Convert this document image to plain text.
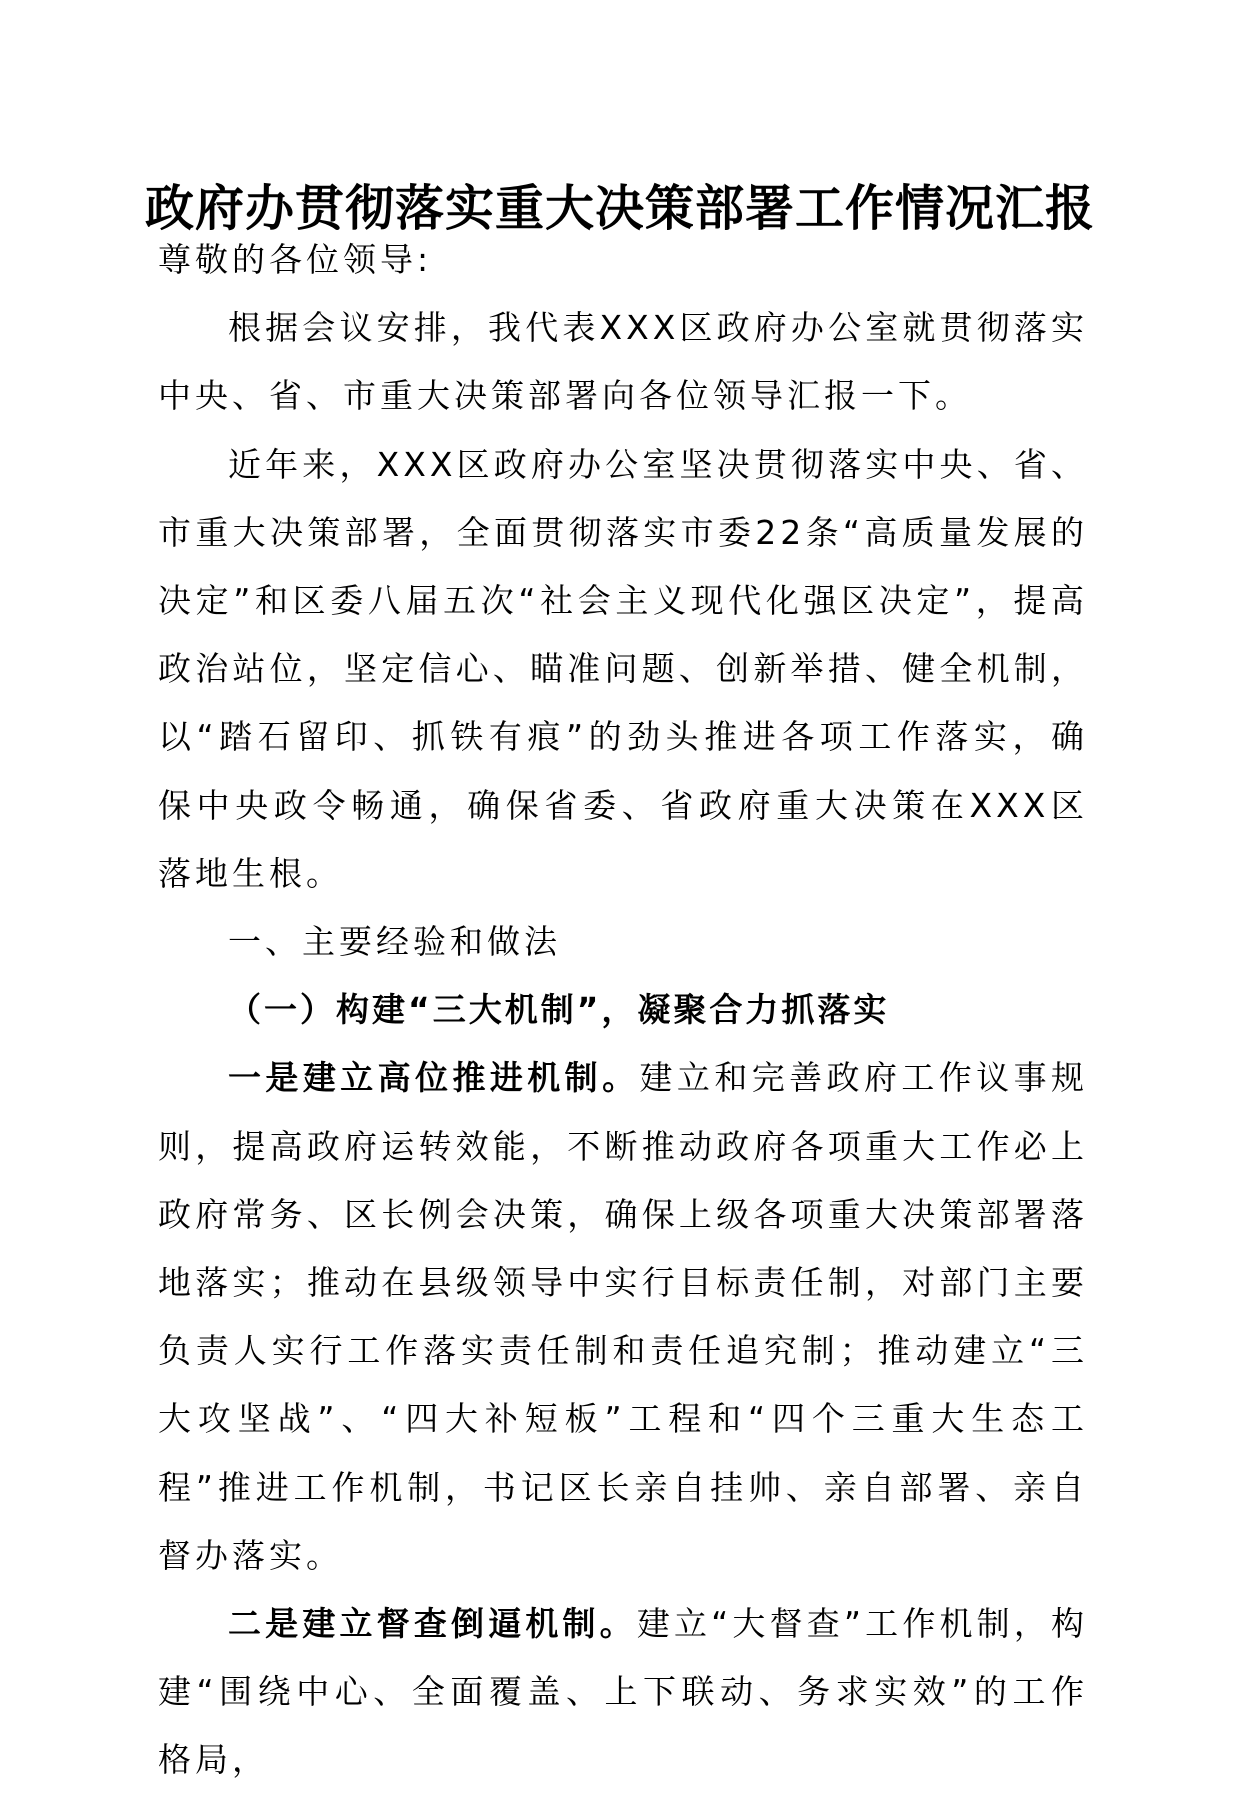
政府办贯彻落实重大决策部署工作情况汇报

尊敬的各位领导:

根据会议安排，我代表XXX区政府办公室就贯彻落实中央、省、市重大决策部署向各位领导汇报一下。

近年来，XXX区政府办公室坚决贯彻落实中央、省、市重大决策部署，全面贯彻落实市委22条“高质量发展的决定”和区委八届五次“社会主义现代化强区决定”，提高政治站位，坚定信心、瞄准问题、创新举措、健全机制，以“踏石留印、抓铁有痕”的劲头推进各项工作落实，确保中央政令畅通，确保省委、省政府重大决策在XXX区落地生根。

一、主要经验和做法

（一）构建“三大机制”，凝聚合力抓落实

一是建立高位推进机制。建立和完善政府工作议事规则，提高政府运转效能，不断推动政府各项重大工作必上政府常务、区长例会决策，确保上级各项重大决策部署落地落实；推动在县级领导中实行目标责任制，对部门主要负责人实行工作落实责任制和责任追究制；推动建立“三大攻坚战”、“四大补短板”工程和“四个三重大生态工程”推进工作机制，书记区长亲自挂帅、亲自部署、亲自督办落实。

二是建立督查倒逼机制。建立“大督查”工作机制，构建“围绕中心、全面覆盖、上下联动、务求实效”的工作格局，
